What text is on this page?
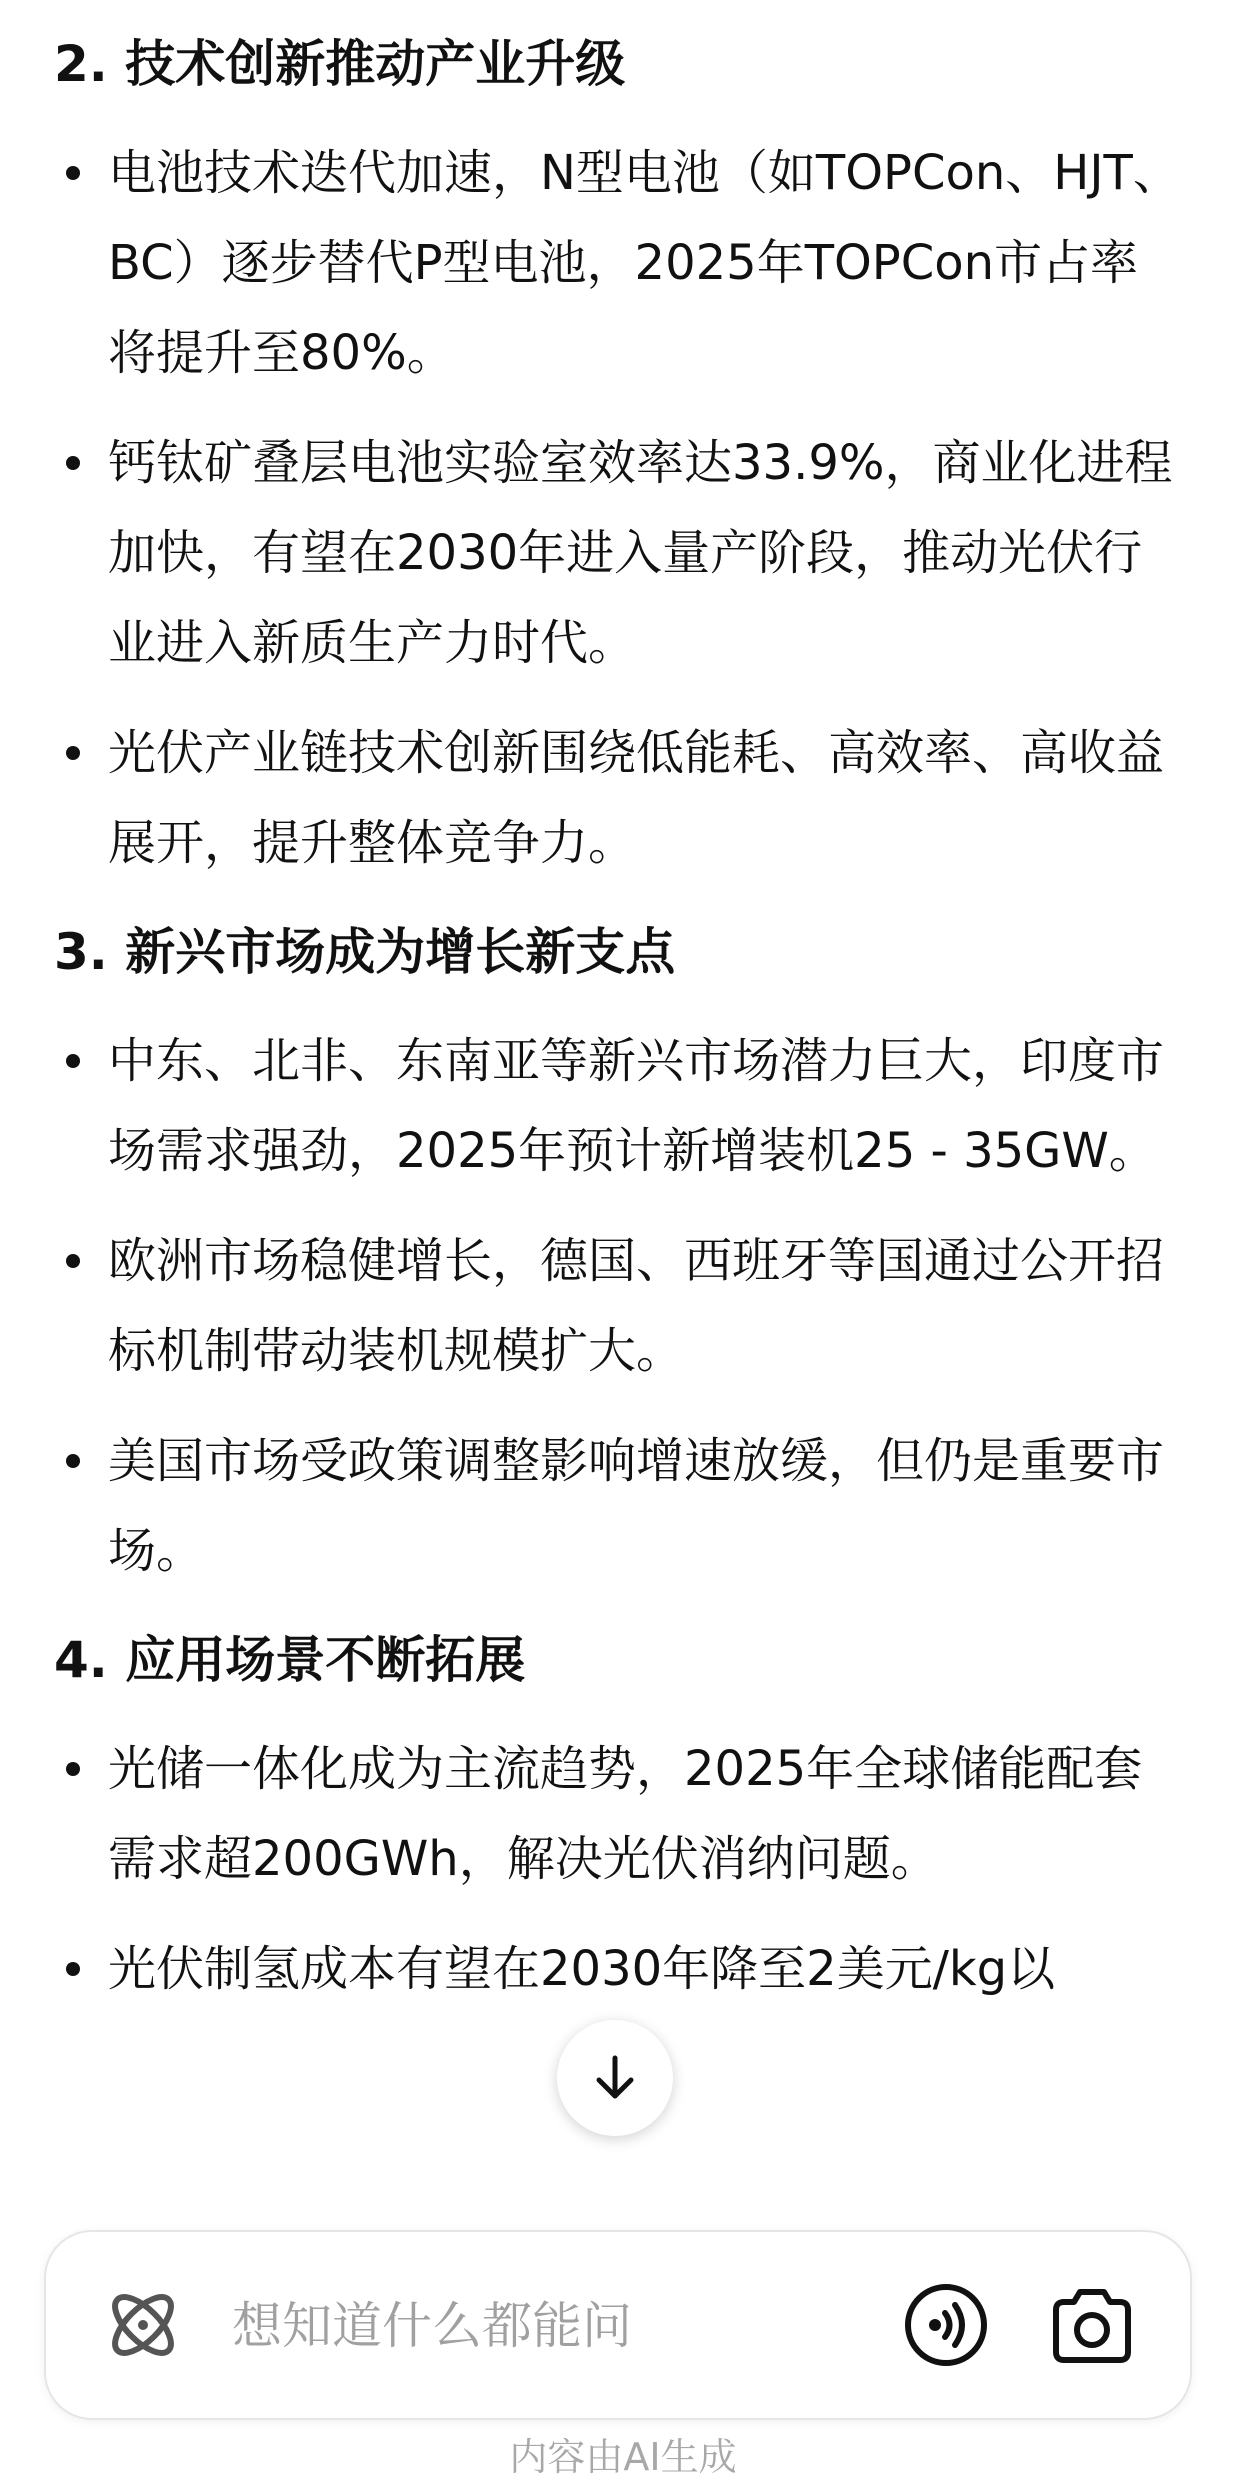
2. 技术创新推动产业升级
电池技术迭代加速，N型电池（如TOPCon、HJT、BC）逐步替代P型电池，2025年TOPCon市占率将提升至80%。
钙钛矿叠层电池实验室效率达33.9%，商业化进程加快，有望在2030年进入量产阶段，推动光伏行业进入新质生产力时代。
光伏产业链技术创新围绕低能耗、高效率、高收益展开，提升整体竞争力。
3. 新兴市场成为增长新支点
中东、北非、东南亚等新兴市场潜力巨大，印度市场需求强劲，2025年预计新增装机25 - 35GW。
欧洲市场稳健增长，德国、西班牙等国通过公开招标机制带动装机规模扩大。
美国市场受政策调整影响增速放缓，但仍是重要市场。
4. 应用场景不断拓展
光储一体化成为主流趋势，2025年全球储能配套需求超200GWh，解决光伏消纳问题。
光伏制氢成本有望在2030年降至2美元/kg以
想知道什么都能问
内容由AI生成
